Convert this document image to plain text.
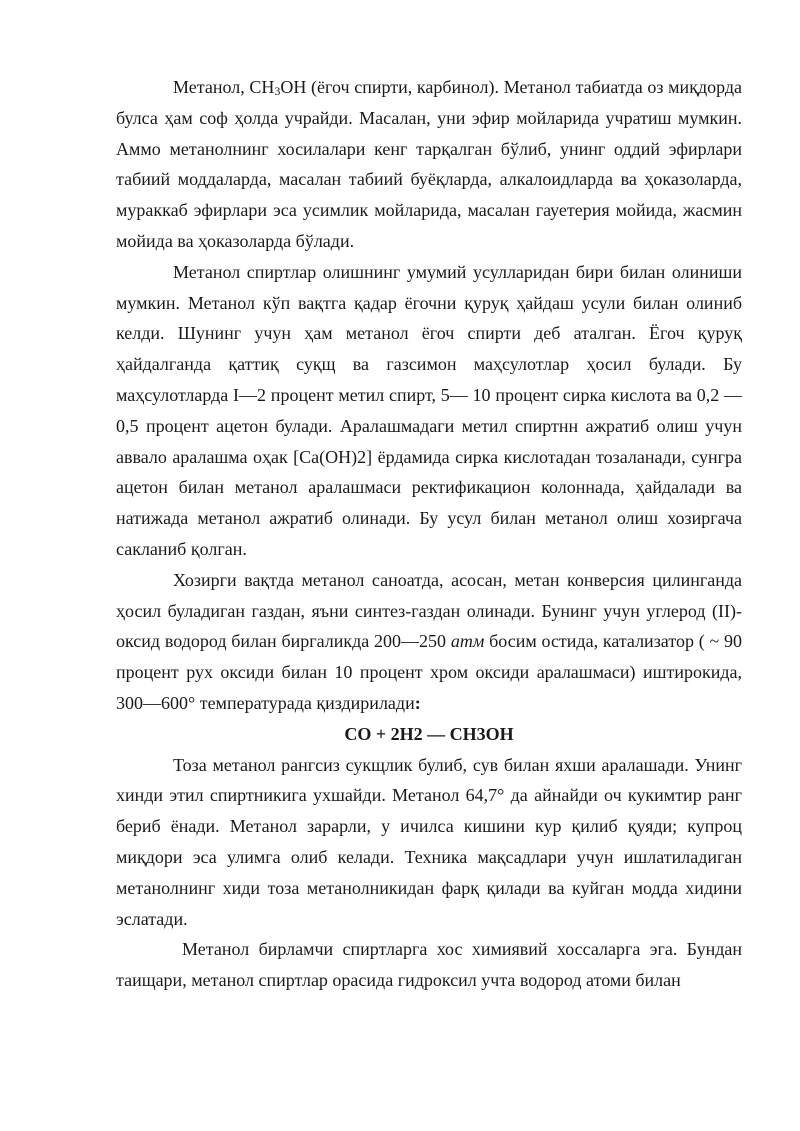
Метанол, CH3OH (ёгоч спирти, карбинол). Метанол табиатда оз миқдорда булса ҳам соф ҳолда учрайди. Масалан, уни эфир мойларида учратиш мумкин. Аммо метанолнинг хосилалари кенг тарқалган бўлиб, унинг оддий эфирлари табиий моддаларда, масалан табиий буёқларда, алкалоидларда ва ҳоказоларда, мураккаб эфирлари эса усимлик мойларида, масалан гауетерия мойида, жасмин мойида ва ҳоказоларда бўлади.

Метанол спиртлар олишнинг умумий усулларидан бири билан олиниши мумкин. Метанол кўп вақтга қадар ёгочни қуруқ ҳайдаш усули билан олиниб келди. Шунинг учун ҳам метанол ёгоч спирти деб аталган. Ёгоч қуруқ ҳайдалганда қаттиқ суқщ ва газсимон маҳсулотлар ҳосил булади. Бу маҳсулотларда I—2 процент метил спирт, 5— 10 процент сирка кислота ва 0,2 —0,5 процент ацетон булади. Аралашмадаги метил спиртнн ажратиб олиш учун аввало аралашма оҳак [Ca(OH)2] ёрдамида сирка кислотадан тозаланади, сунгра ацетон билан метанол аралашмаси ректификацион колоннада, ҳайдалади ва натижада метанол ажратиб олинади. Бу усул билан метанол олиш хозиргача сакланиб қолган.

Хозирги вақтда метанол саноатда, асосан, метан конверсия цилинганда ҳосил буладиган газдан, яъни синтез-газдан олинади. Бунинг учун углерод (II)-оксид водород билан биргаликда 200—250 атм босим остида, катализатор ( ~ 90 процент рух оксиди билан 10 процент хром оксиди аралашмаси) иштирокида, 300—600° температурада қиздирилади:

CO + 2H2 — CH3OH

Тоза метанол рангсиз сукщлик булиб, сув билан яхши аралашади. Унинг хинди этил спиртникига ухшайди. Метанол 64,7° да айнайди оч кукимтир ранг бериб ёнади. Метанол зарарли, у ичилса кишини кур қилиб қуяди; купроц миқдори эса улимга олиб келади. Техника мақсадлари учун ишлатиладиган метанолнинг хиди тоза метанолникидан фарқ қилади ва куйган модда хидини эслатади.

Метанол бирламчи спиртларга хос химиявий хоссаларга эга. Бундан таищари, метанол спиртлар орасида гидроксил учта водород атоми билан
